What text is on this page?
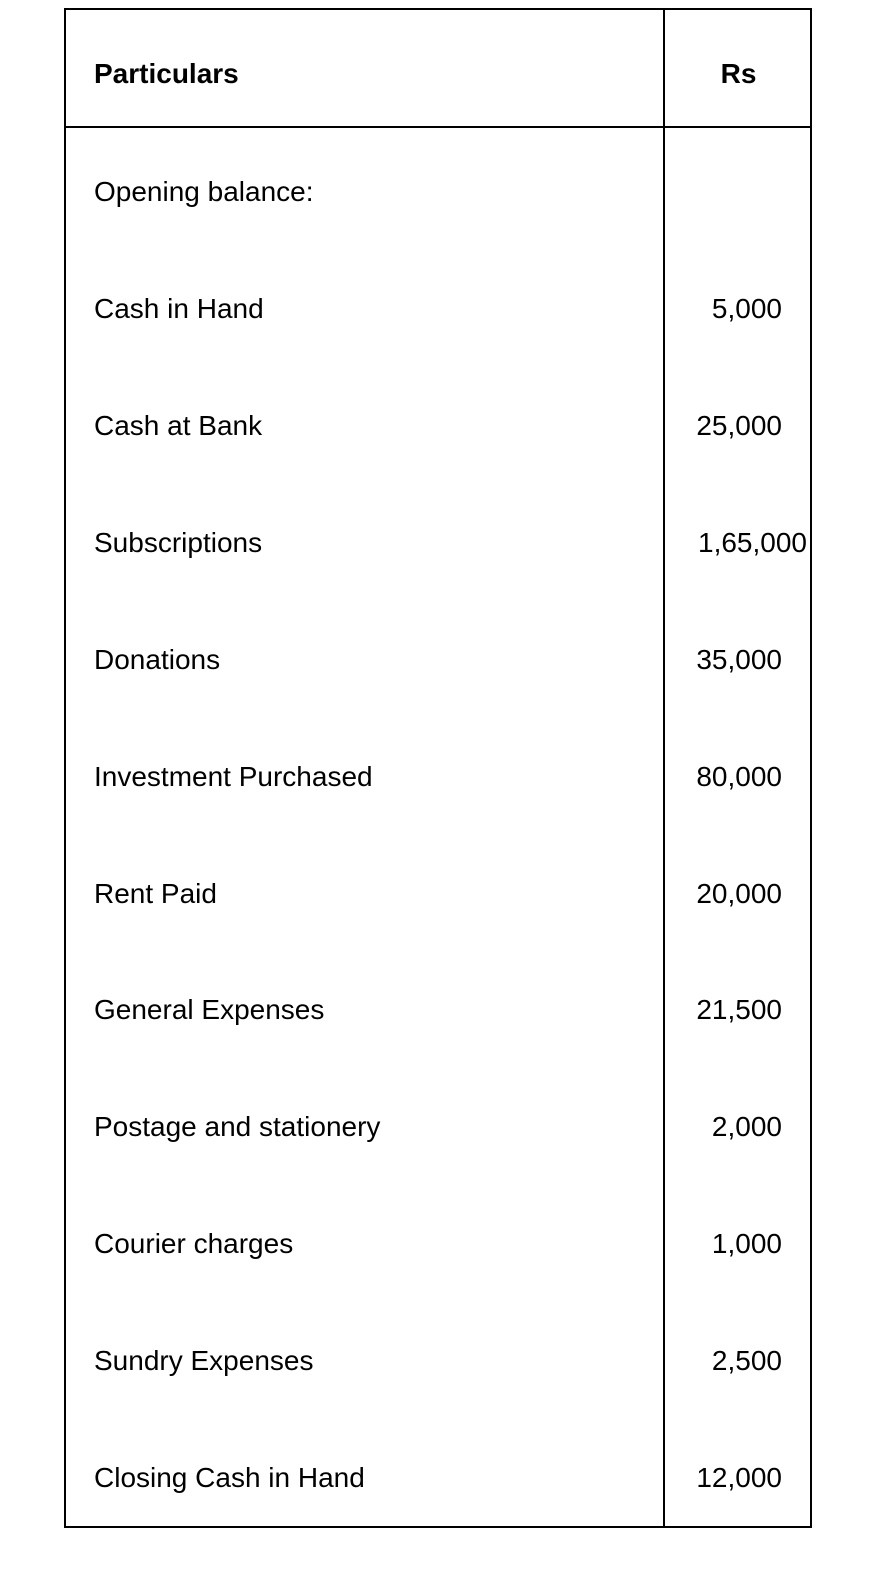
Particulars	Rs
Opening balance:
Cash in Hand	5,000
Cash at Bank	25,000
Subscriptions	1,65,000
Donations	35,000
Investment Purchased	80,000
Rent Paid	20,000
General Expenses	21,500
Postage and stationery	2,000
Courier charges	1,000
Sundry Expenses	2,500
Closing Cash in Hand	12,000
